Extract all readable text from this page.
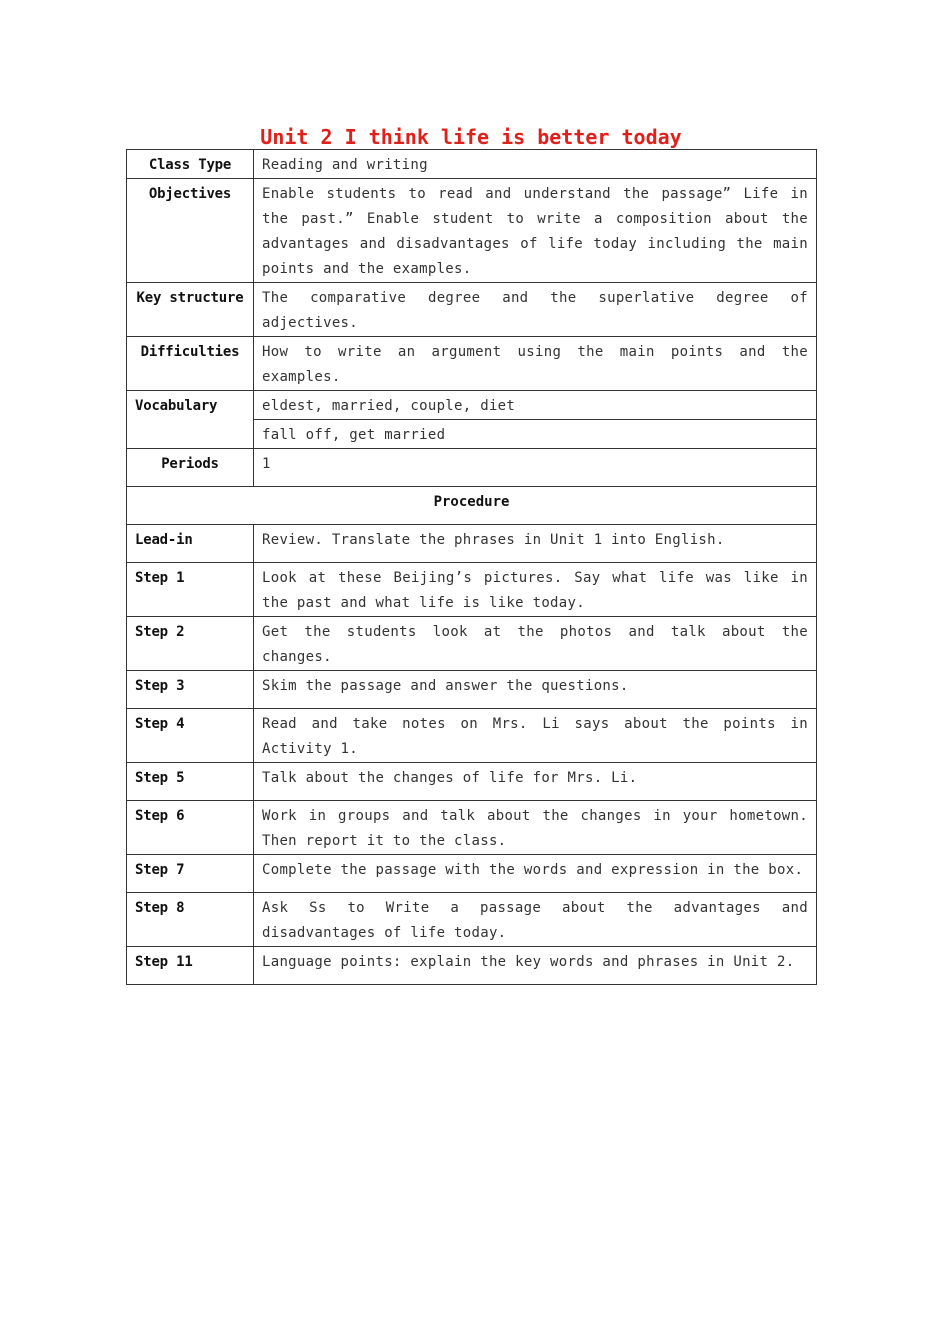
Unit 2 I think life is better today
Class Type	Reading and writing
Objectives	Enable students to read and understand the passage” Life in the past.” Enable student to write a composition about the advantages and disadvantages of life today including the main points and the examples.
Key structure	The comparative degree and the superlative degree of adjectives.
Difficulties	How to write an argument using the main points and the examples.
Vocabulary	eldest, married, couple, diet
	fall off, get married
Periods	1
Procedure	
Lead-in	Review. Translate the phrases in Unit 1 into English.
Step 1	Look at these Beijing’s pictures. Say what life was like in the past and what life is like today.
Step 2	Get the students look at the photos and talk about the changes.
Step 3	Skim the passage and answer the questions.
Step 4	Read and take notes on Mrs. Li says about the points in Activity 1.
Step 5	Talk about the changes of life for Mrs. Li.
Step 6	Work in groups and talk about the changes in your hometown. Then report it to the class.
Step 7	Complete the passage with the words and expression in the box.
Step 8	Ask Ss to Write a passage about the advantages and disadvantages of life today.
Step 11	Language points: explain the key words and phrases in Unit 2.
